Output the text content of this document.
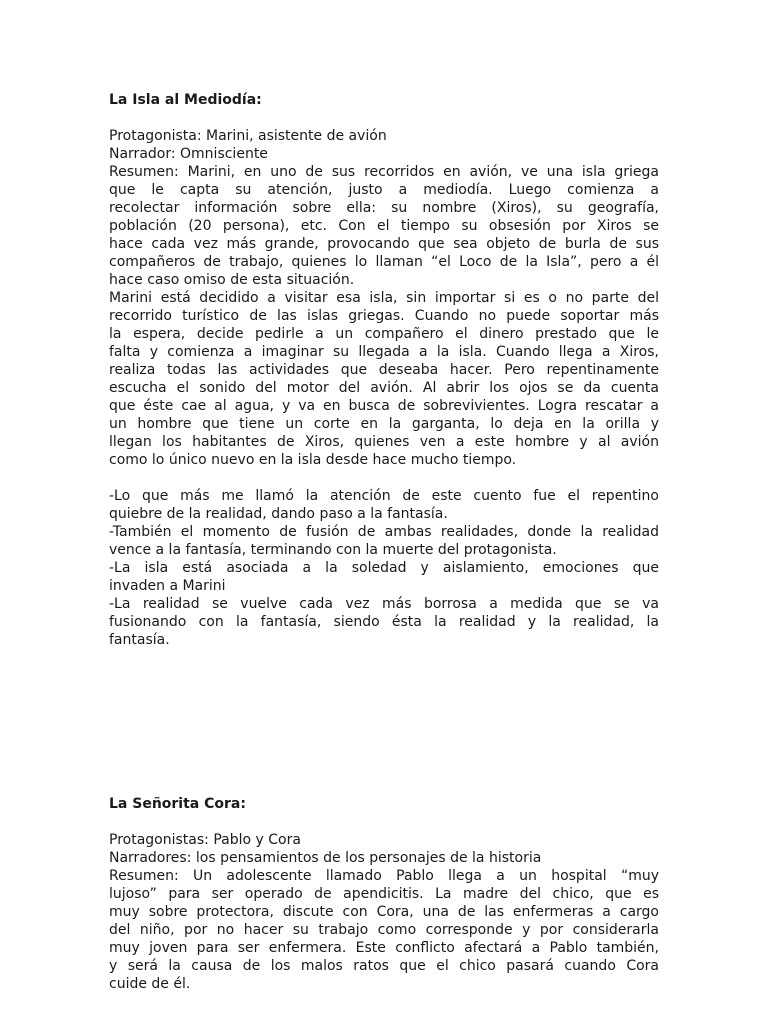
La Isla al Mediodía:
Protagonista: Marini, asistente de avión
Narrador: Omnisciente
Resumen: Marini, en uno de sus recorridos en avión, ve una isla griega
que le capta su atención, justo a mediodía. Luego comienza a
recolectar información sobre ella: su nombre (Xiros), su geografía,
población (20 persona), etc. Con el tiempo su obsesión por Xiros se
hace cada vez más grande, provocando que sea objeto de burla de sus
compañeros de trabajo, quienes lo llaman “el Loco de la Isla”, pero a él
hace caso omiso de esta situación.
Marini está decidido a visitar esa isla, sin importar si es o no parte del
recorrido turístico de las islas griegas. Cuando no puede soportar más
la espera, decide pedirle a un compañero el dinero prestado que le
falta y comienza a imaginar su llegada a la isla. Cuando llega a Xiros,
realiza todas las actividades que deseaba hacer. Pero repentinamente
escucha el sonido del motor del avión. Al abrir los ojos se da cuenta
que éste cae al agua, y va en busca de sobrevivientes. Logra rescatar a
un hombre que tiene un corte en la garganta, lo deja en la orilla y
llegan los habitantes de Xiros, quienes ven a este hombre y al avión
como lo único nuevo en la isla desde hace mucho tiempo.
-Lo que más me llamó la atención de este cuento fue el repentino
quiebre de la realidad, dando paso a la fantasía.
-También el momento de fusión de ambas realidades, donde la realidad
vence a la fantasía, terminando con la muerte del protagonista.
-La isla está asociada a la soledad y aislamiento, emociones que
invaden a Marini
-La realidad se vuelve cada vez más borrosa a medida que se va
fusionando con la fantasía, siendo ésta la realidad y la realidad, la
fantasía.
La Señorita Cora:
Protagonistas: Pablo y Cora
Narradores: los pensamientos de los personajes de la historia
Resumen: Un adolescente llamado Pablo llega a un hospital “muy
lujoso” para ser operado de apendicitis. La madre del chico, que es
muy sobre protectora, discute con Cora, una de las enfermeras a cargo
del niño, por no hacer su trabajo como corresponde y por considerarla
muy joven para ser enfermera. Este conflicto afectará a Pablo también,
y será la causa de los malos ratos que el chico pasará cuando Cora
cuide de él.
